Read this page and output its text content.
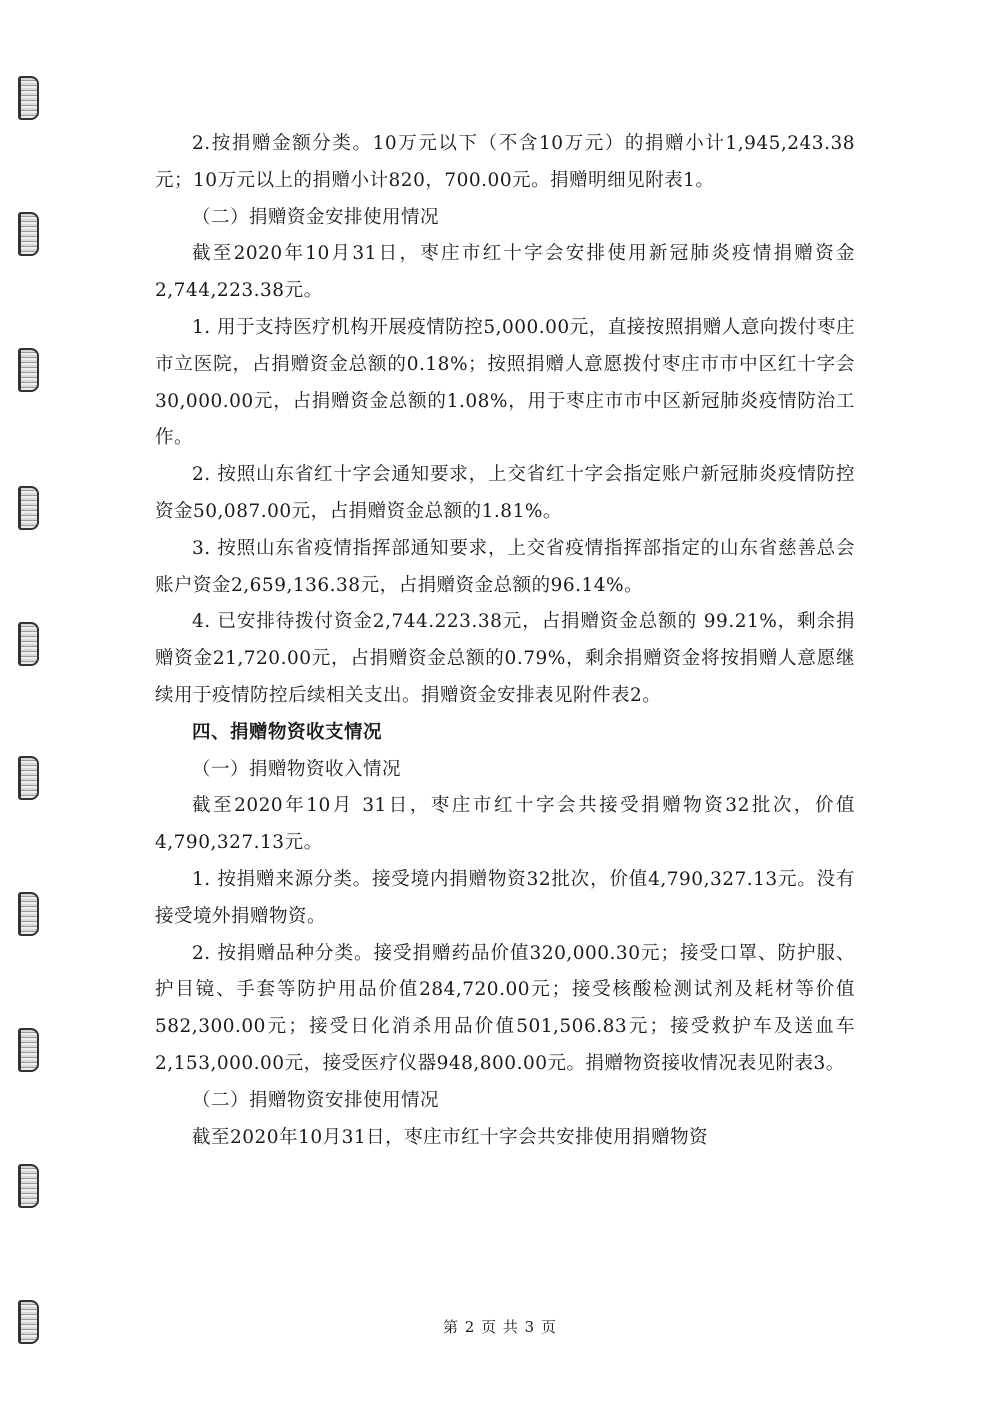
2.按捐赠金额分类。10万元以下（不含10万元）的捐赠小计1,945,243.38元；10万元以上的捐赠小计820，700.00元。捐赠明细见附表1。

（二）捐赠资金安排使用情况

截至2020年10月31日，枣庄市红十字会安排使用新冠肺炎疫情捐赠资金2,744,223.38元。

1. 用于支持医疗机构开展疫情防控5,000.00元，直接按照捐赠人意向拨付枣庄市立医院，占捐赠资金总额的0.18%；按照捐赠人意愿拨付枣庄市市中区红十字会30,000.00元，占捐赠资金总额的1.08%，用于枣庄市市中区新冠肺炎疫情防治工作。

2. 按照山东省红十字会通知要求，上交省红十字会指定账户新冠肺炎疫情防控资金50,087.00元，占捐赠资金总额的1.81%。

3. 按照山东省疫情指挥部通知要求，上交省疫情指挥部指定的山东省慈善总会账户资金2,659,136.38元，占捐赠资金总额的96.14%。

4. 已安排待拨付资金2,744.223.38元，占捐赠资金总额的 99.21%，剩余捐赠资金21,720.00元，占捐赠资金总额的0.79%，剩余捐赠资金将按捐赠人意愿继续用于疫情防控后续相关支出。捐赠资金安排表见附件表2。

四、捐赠物资收支情况

（一）捐赠物资收入情况

截至2020年10月 31日，枣庄市红十字会共接受捐赠物资32批次，价值4,790,327.13元。

1. 按捐赠来源分类。接受境内捐赠物资32批次，价值4,790,327.13元。没有接受境外捐赠物资。

2. 按捐赠品种分类。接受捐赠药品价值320,000.30元；接受口罩、防护服、护目镜、手套等防护用品价值284,720.00元；接受核酸检测试剂及耗材等价值582,300.00元；接受日化消杀用品价值501,506.83元；接受救护车及送血车2,153,000.00元，接受医疗仪器948,800.00元。捐赠物资接收情况表见附表3。

（二）捐赠物资安排使用情况

截至2020年10月31日，枣庄市红十字会共安排使用捐赠物资

第 2 页 共 3 页
